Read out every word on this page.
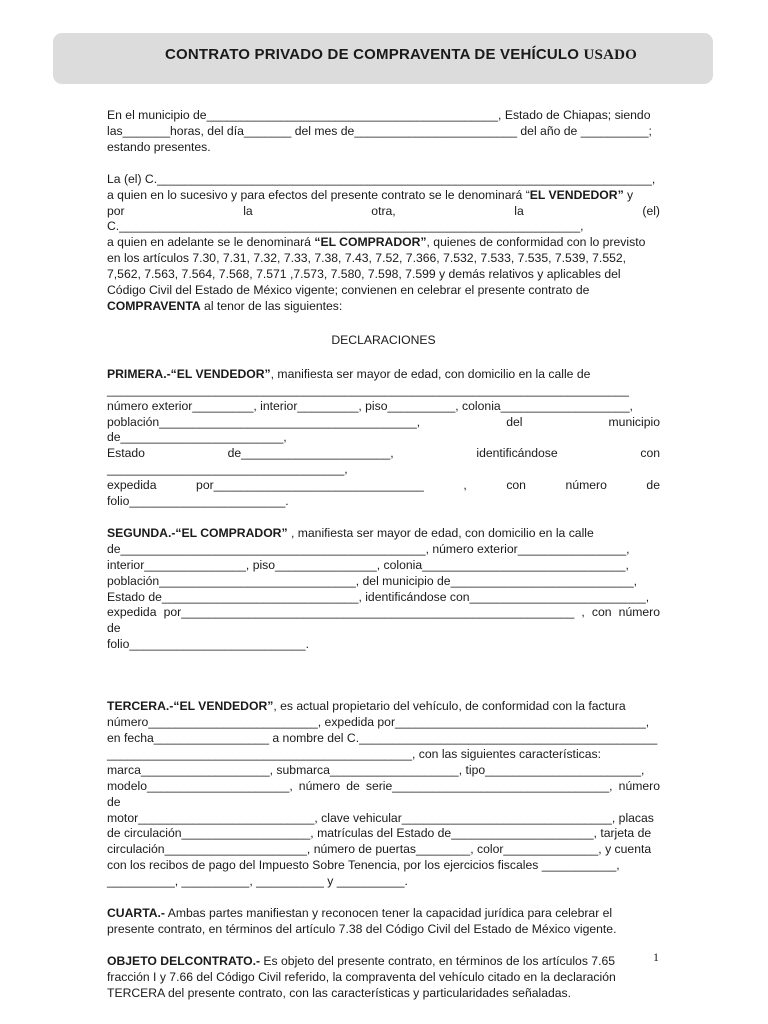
CONTRATO PRIVADO DE COMPRAVENTA DE VEHÍCULO USADO

En el municipio de___________________________________________, Estado de Chiapas; siendo

las_______horas, del día_______ del mes de________________________ del año de __________;

estando presentes.

La (el) C._________________________________________________________________________,

a quien en lo sucesivo y para efectos del presente contrato se le denominará “EL VENDEDOR” y

por la otra, la (el) C.____________________________________________________________________,

a quien en adelante se le denominará “EL COMPRADOR”, quienes de conformidad con lo previsto

en los artículos 7.30, 7.31, 7.32, 7.33, 7.38, 7.43, 7.52, 7.366, 7.532, 7.533, 7.535, 7.539, 7.552,

7,562, 7.563, 7.564, 7.568, 7.571 ,7.573, 7.580, 7.598, 7.599 y demás relativos y aplicables del

Código Civil del Estado de México vigente; convienen en celebrar el presente contrato de

COMPRAVENTA al tenor de las siguientes:

DECLARACIONES

PRIMERA.-“EL VENDEDOR”, manifiesta ser mayor de edad, con domicilio en la calle de

_____________________________________________________________________________

número exterior_________, interior_________, piso__________, colonia___________________,

población______________________________________, del municipio de________________________,

Estado de______________________, identificándose con ___________________________________,

expedida por_______________________________ , con número de folio_______________________.

SEGUNDA.-“EL COMPRADOR” , manifiesta ser mayor de edad, con domicilio en la calle

de_____________________________________________, número exterior________________,

interior_______________, piso_______________, colonia______________________________,

población_____________________________, del municipio de___________________________,

Estado de_____________________________, identificándose con__________________________,

expedida por__________________________________________________________ , con número de

folio__________________________.

TERCERA.-“EL VENDEDOR”, es actual propietario del vehículo, de conformidad con la factura

número_________________________, expedida por_____________________________________,

en fecha_________________ a nombre del C.____________________________________________

_____________________________________________, con las siguientes características:

marca___________________, submarca___________________, tipo_______________________,

modelo_____________________, número de serie________________________________, número de

motor__________________________, clave vehicular_______________________________, placas

de circulación___________________, matrículas del Estado de_____________________, tarjeta de

circulación_____________________, número de puertas________, color______________, y cuenta

con los recibos de pago del Impuesto Sobre Tenencia, por los ejercicios fiscales ___________,

__________, __________, __________ y __________.

CUARTA.- Ambas partes manifiestan y reconocen tener la capacidad jurídica para celebrar el

presente contrato, en términos del artículo 7.38 del Código Civil del Estado de México vigente.

OBJETO DELCONTRATO.- Es objeto del presente contrato, en términos de los artículos 7.65

fracción I y 7.66 del Código Civil referido, la compraventa del vehículo citado en la declaración

TERCERA del presente contrato, con las características y particularidades señaladas.

1
